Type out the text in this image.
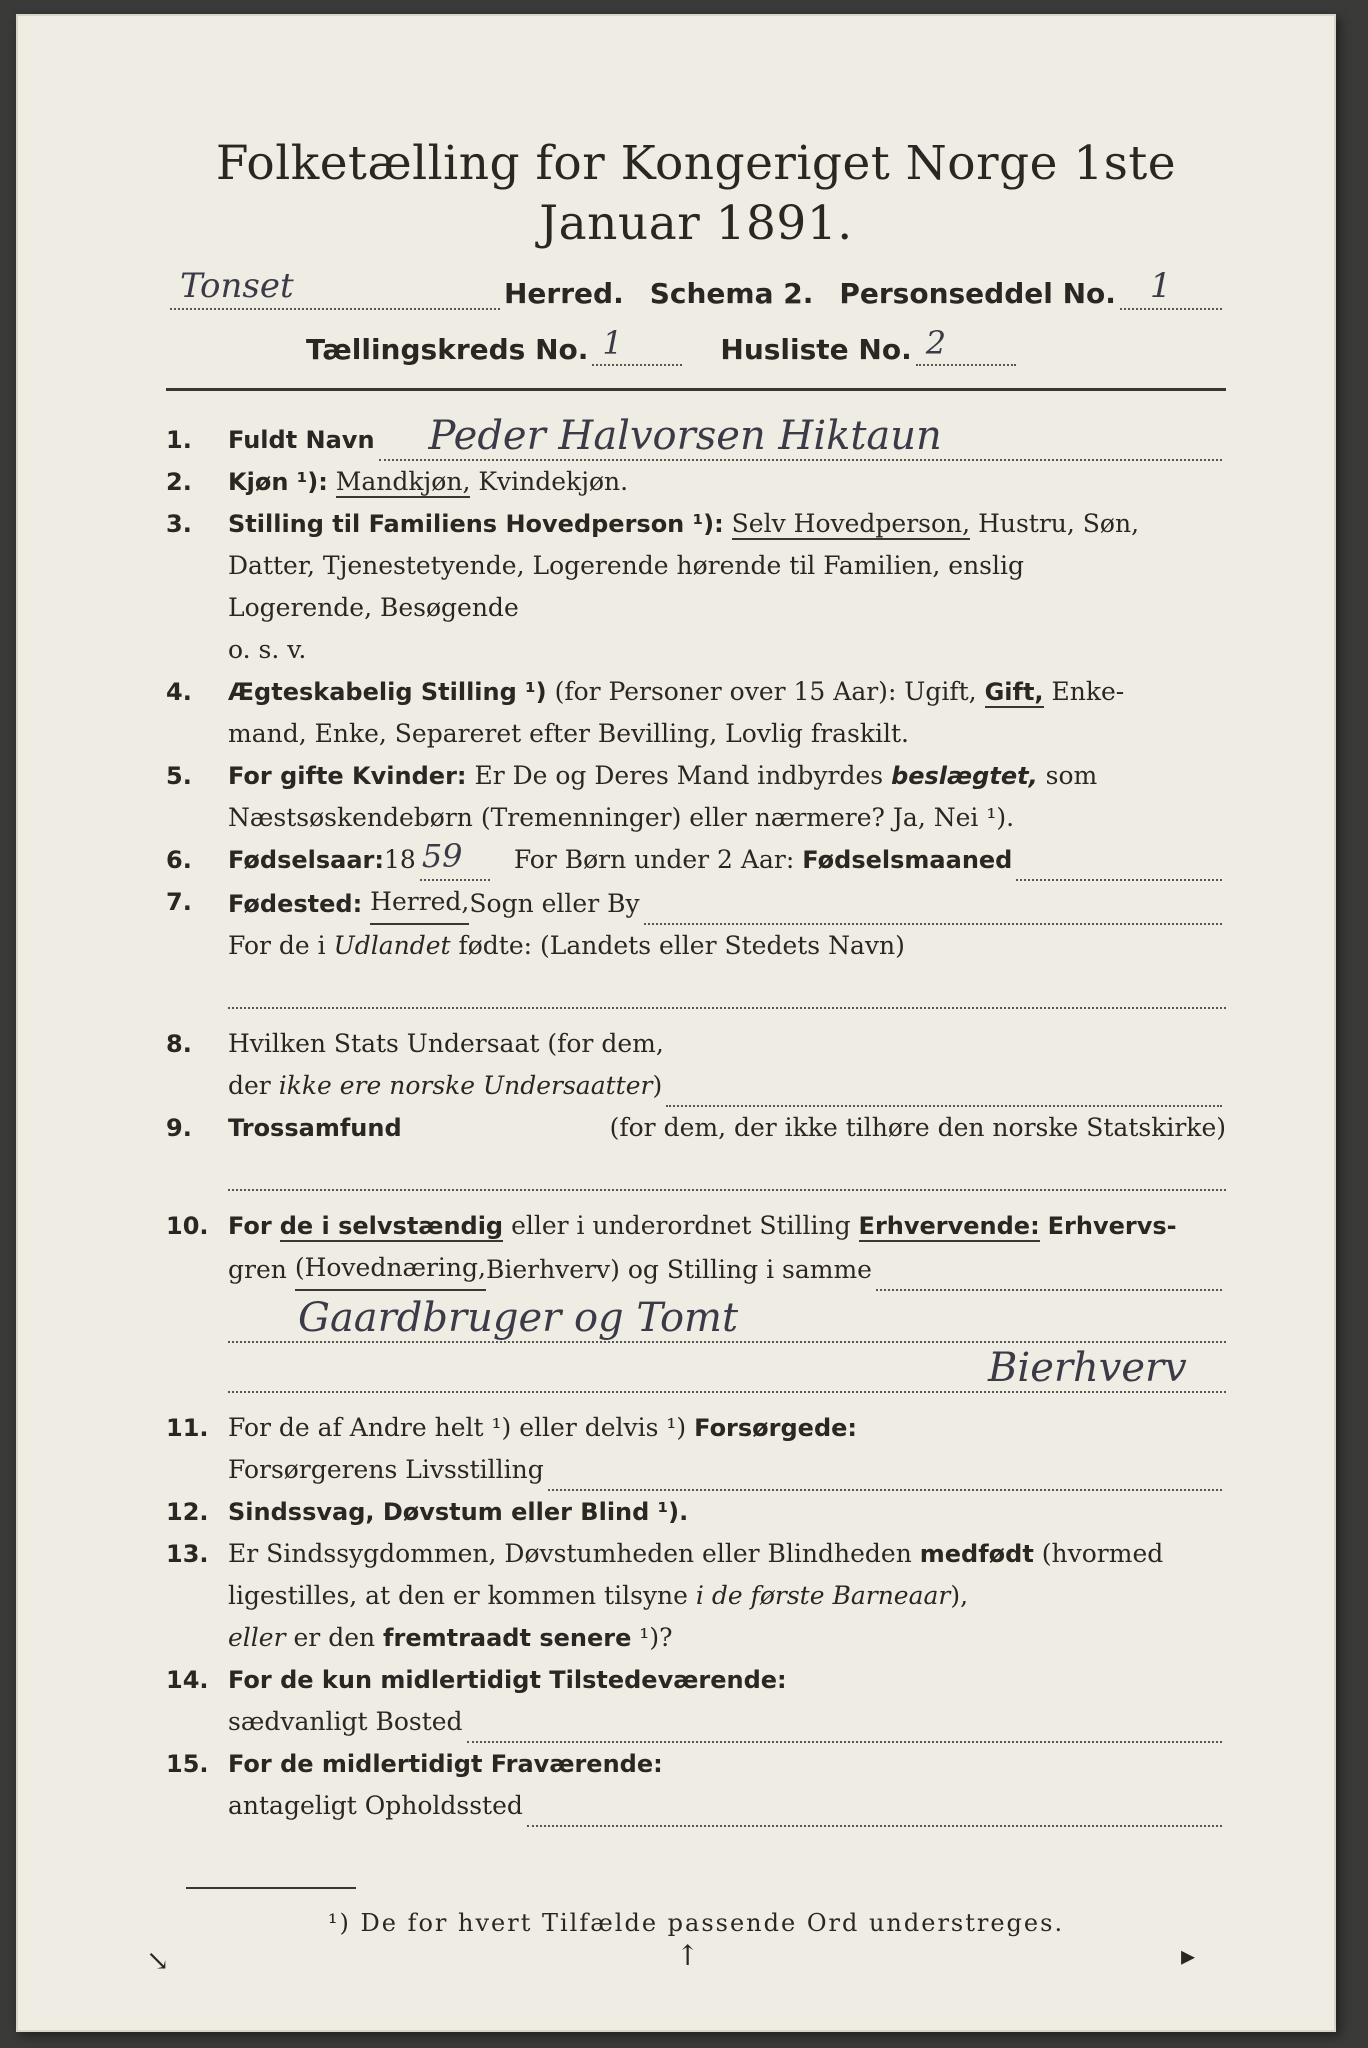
Folketælling for Kongeriget Norge 1ste Januar 1891.
Tonset	Herred. Schema 2. Personseddel No. 1
Tællingskreds No. 1	Husliste No. 2
1.	Fuldt Navn Peder Halvorsen Hiktaun
2.	Kjøn ¹): Mandkjøn, Kvindekjøn.
3.	Stilling til Familiens Hovedperson ¹): Selv Hovedperson, Hustru, Søn,
Datter, Tjenestetyende, Logerende hørende til Familien, enslig
Logerende, Besøgende
o. s. v.
4.	Ægteskabelig Stilling ¹) (for Personer over 15 Aar): Ugift, Gift, Enke-
mand, Enke, Separeret efter Bevilling, Lovlig fraskilt.
5.	For gifte Kvinder: Er De og Deres Mand indbyrdes beslægtet, som
Næstsøskendebørn (Tremenninger) eller nærmere? Ja, Nei ¹).
6.	Fødselsaar: 18 59 For Børn under 2 Aar: Fødselsmaaned
7.	Fødested:
Herred, Sogn eller By
For de i Udlandet fødte: (Landets eller Stedets Navn)
8.	Hvilken Stats Undersaat (for dem,
der
ikke ere norske Undersaatter )
9.	Trossamfund	(for dem, der ikke tilhøre den norske Statskirke)
10. For de i selvstændig eller i underordnet Stilling Erhvervende: Erhvervs-
gren
(Hovednæring, Bierhverv) og Stilling i samme
Gaardbruger og Tomt
Bierhverv
11. For de af Andre helt ¹) eller delvis ¹) Forsørgede:
Forsørgerens Livsstilling
12. Sindssvag, Døvstum eller Blind ¹).
13. Er Sindssygdommen, Døvstumheden eller Blindheden medfødt (hvormed
ligestilles, at den er kommen tilsyne i de første Barneaar),
eller er den fremtraadt senere ¹)?
14. For de kun midlertidigt Tilstedeværende:
sædvanligt Bosted
15. For de midlertidigt Fraværende:
antageligt Opholdssted
¹) De for hvert Tilfælde passende Ord understreges.
↘	↑	▸
